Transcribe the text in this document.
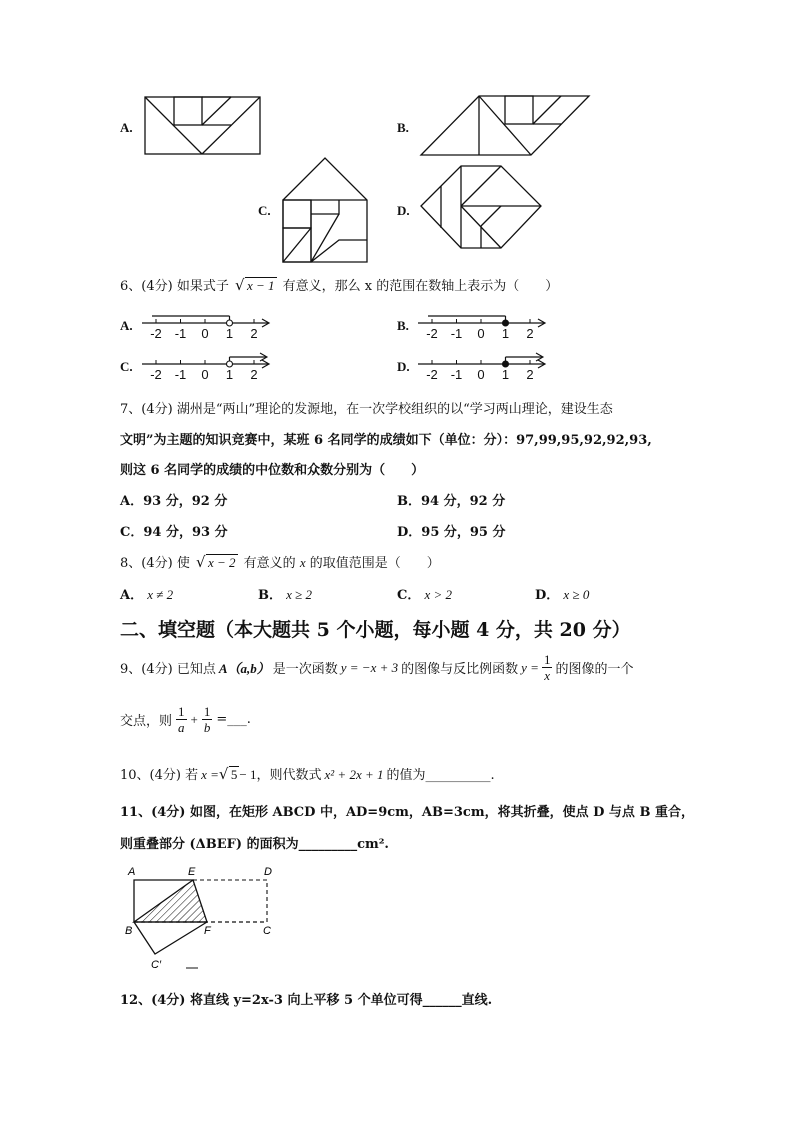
A.	B.
C.	D.
6、(4分) 如果式子 √ x − 1 有意义，那么 x 的范围在数轴上表示为（　　）
A.	B.
C.	D.
-2 -1 0 1 2	-2 -1 0 1 2
-2 -1 0 1 2	-2 -1 0 1 2
7、(4分) 湖州是“两山”理论的发源地，在一次学校组织的以“学习两山理论，建设生态
文明”为主题的知识竞赛中，某班 6 名同学的成绩如下（单位：分）：97,99,95,92,92,93,
则这 6 名同学的成绩的中位数和众数分别为（　　）
A．93 分，92 分	B．94 分，92 分
C．94 分，93 分	D．95 分，95 分
8、(4分) 使 √ x − 2 有意义的 x 的取值范围是（　　）
A． x ≠ 2	B． x ≥ 2	C． x > 2	D． x ≥ 0
二、填空题（本大题共 5 个小题，每小题 4 分，共 20 分）
9、(4分) 已知点 A（a,b） 是一次函数 y = −x + 3 的图像与反比例函数 $y = \frac{1}{x}$ 的图像的一个
交点，则 $\frac{1}{a} + \frac{1}{b}$ =___.
10、(4分) 若 x = √ 5 − 1 ，则代数式 x² + 2x + 1 的值为__________.
11、(4分) 如图，在矩形 ABCD 中，AD=9cm，AB=3cm，将其折叠，使点 D 与点 B 重合，
则重叠部分 (ΔBEF) 的面积为_________cm².
A	E	D
B	F	C
C′
12、(4分) 将直线 y=2x-3 向上平移 5 个单位可得______直线.
